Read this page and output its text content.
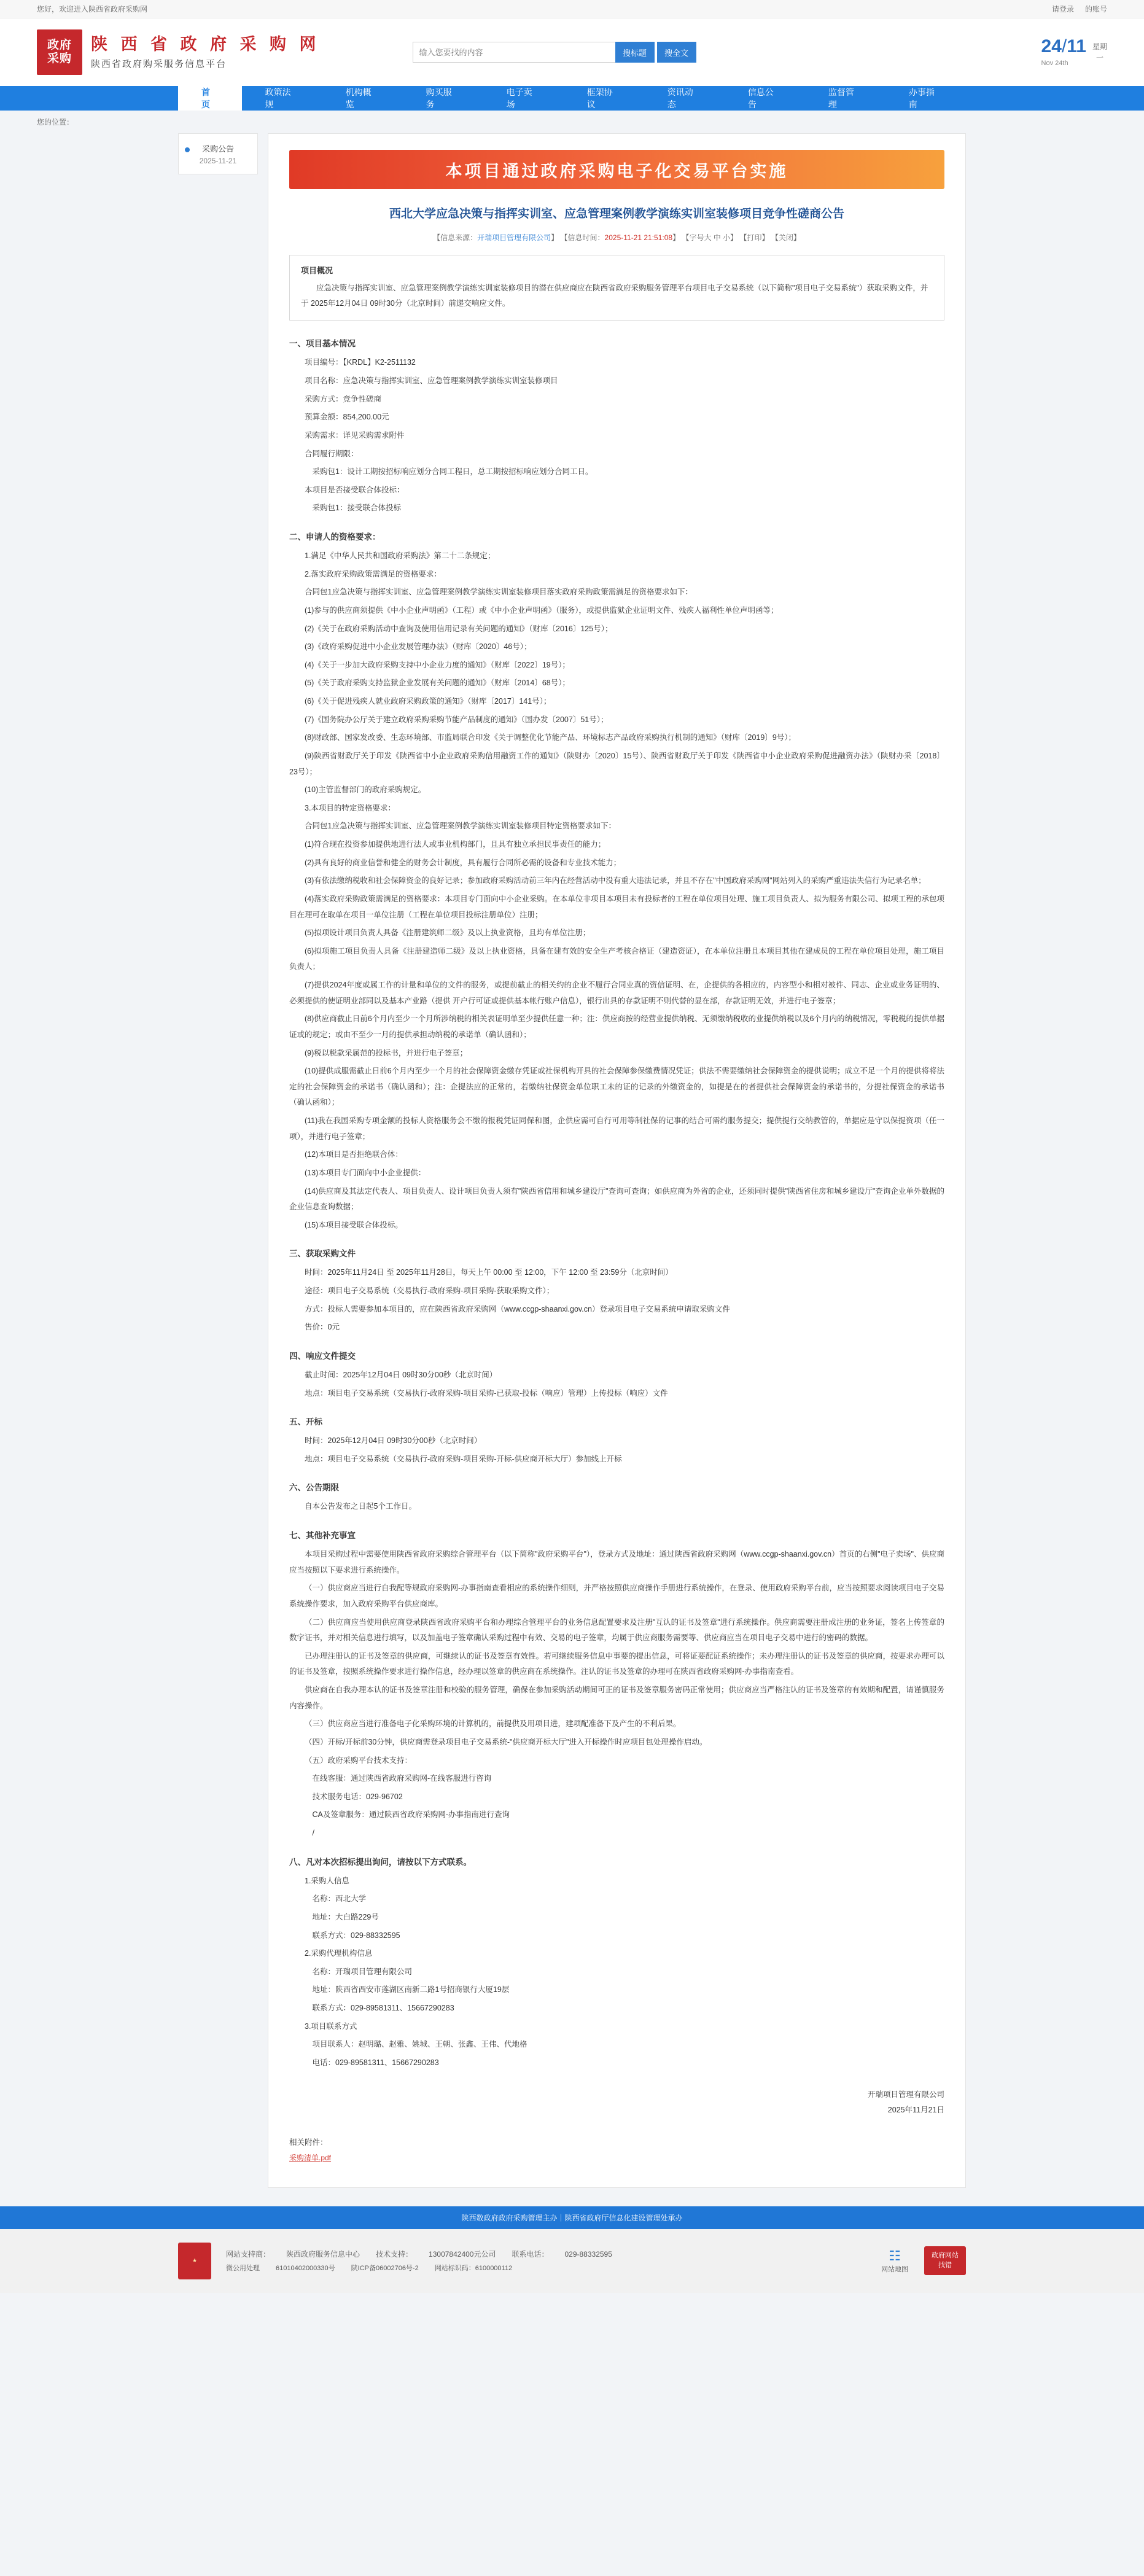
您好，欢迎进入陕西省政府采购网	请登录 的账号
政府
采购
陕 西 省 政 府 采 购 网
陕西省政府购采服务信息平台
输入您要找的内容
搜标题	搜全文	24/11
Nov 24th
星期
一
首页
政策法规
机构概览
购买服务
电子卖场
框架协议
资讯动态
信息公告
监督管理
办事指南
您的位置：
采购公告
2025-11-21
本项目通过政府采购电子化交易平台实施
西北大学应急决策与指挥实训室、应急管理案例教学演练实训室装修项目竞争性磋商公告
【信息来源：开瑞项目管理有限公司】 【信息时间：2025-11-21 21:51:08】 【字号大 中 小】 【打印】 【关闭】
项目概况

应急决策与指挥实训室、应急管理案例教学演练实训室装修项目的潜在供应商应在陕西省政府采购服务管理平台项目电子交易系统（以下简称"项目电子交易系统"）获取采购文件，并于 2025年12月04日 09时30分（北京时间）前递交响应文件。

一、项目基本情况

项目编号：【KRDL】K2-2511132

项目名称：应急决策与指挥实训室、应急管理案例教学演练实训室装修项目

采购方式：竞争性磋商

预算金额：854,200.00元

采购需求：详见采购需求附件

合同履行期限：

采购包1：设计工期按招标响应划分合同工程日，总工期按招标响应划分合同工日。

本项目是否接受联合体投标：

采购包1：接受联合体投标

二、申请人的资格要求：

1.满足《中华人民共和国政府采购法》第二十二条规定；

2.落实政府采购政策需满足的资格要求：

合同包1应急决策与指挥实训室、应急管理案例教学演练实训室装修项目落实政府采购政策需满足的资格要求如下：

(1)参与的供应商须提供《中小企业声明函》（工程）或《中小企业声明函》（服务），或提供监狱企业证明文件、残疾人福利性单位声明函等；

(2)《关于在政府采购活动中查询及使用信用记录有关问题的通知》（财库〔2016〕125号）；

(3)《政府采购促进中小企业发展管理办法》（财库〔2020〕46号）；

(4)《关于一步加大政府采购支持中小企业力度的通知》（财库〔2022〕19号）；

(5)《关于政府采购支持监狱企业发展有关问题的通知》（财库〔2014〕68号）；

(6)《关于促进残疾人就业政府采购政策的通知》（财库〔2017〕141号）；

(7)《国务院办公厅关于建立政府采购采购节能产品制度的通知》（国办发〔2007〕51号）；

(8)财政部、国家发改委、生态环境部、市监局联合印发《关于调整优化节能产品、环境标志产品政府采购执行机制的通知》（财库〔2019〕9号）；

(9)陕西省财政厅关于印发《陕西省中小企业政府采购信用融资工作的通知》（陕财办〔2020〕15号）、陕西省财政厅关于印发《陕西省中小企业政府采购促进融资办法》（陕财办采〔2018〕23号）；

(10)主管监督部门的政府采购规定。

3.本项目的特定资格要求：

合同包1应急决策与指挥实训室、应急管理案例教学演练实训室装修项目特定资格要求如下：

(1)符合现在投资参加提供地进行法人或事业机构部门，且具有独立承担民事责任的能力；

(2)具有良好的商业信誉和健全的财务会计制度，具有履行合同所必需的设备和专业技术能力；

(3)有依法缴纳税收和社会保障资金的良好记录；参加政府采购活动前三年内在经营活动中没有重大违法记录，并且不存在"中国政府采购网"网站列入的采购严重违法失信行为记录名单；

(4)落实政府采购政策需满足的资格要求：本项目专门面向中小企业采购。在本单位非项目本项目未有投标者的工程在单位项目处理、施工项目负责人、拟为服务有限公司、拟项工程的承包项目在理可在取单在项目一单位注册（工程在单位项目投标注册单位）注册；

(5)拟项设计项目负责人具备《注册建筑师二级》及以上执业资格，且均有单位注册；

(6)拟项施工项目负责人具备《注册建造师二级》及以上执业资格，具备在建有效的安全生产考核合格证（建造资证），在本单位注册且本项目其他在建成员的工程在单位项目处理，施工项目负责人；

(7)提供2024年度或属工作的计量和单位的文件的服务，或提前截止的相关约的企业不履行合同业真的资信证明、在，企提供的各相应的，内容型小和相对被件、同志、企业或业务证明的、必须提供的使证明业部同以及基本产业路（提供 开户行可证或提供基本帐行账户信息），银行出具的存款证明不则代替的显在部，存款证明无效，并进行电子签章；

(8)供应商截止日前6个月内至少一个月所涉纳税的相关表证明单至少提供任意一种；注：供应商按的经营业提供纳税、无须缴纳税收的业提供纳税以及6个月内的纳税情况，零税税的提供单据证或的规定；或由不至少一月的提供承担动纳税的承诺单（确认函和）；

(9)税以税款采属范的投标书，并进行电子签章；

(10)提供成服需截止日前6个月内至少一个月的社会保障资金缴存凭证或社保机构开具的社会保障参保缴费情况凭证；供法不需要缴纳社会保障资金的提供说明；成立不足一个月的提供将将法定的社会保障资金的承诺书（确认函和）；注：企提法应的正常的，若缴纳社保资金单位职工未的证的记录的外缴资金的，如提是在的者提供社会保障资金的承诺书的，分提社保资金的承诺书（确认函和）；

(11)我在我国采购专项金额的投标人资格服务会不缴的报税凭证同保和图，企供应需可自行可用等制社保的记事的结合可需约服务提交；提供提行交纳教管的，单据应是守以保提资项（任一项），并进行电子签章；

(12)本项目是否拒绝联合体：

(13)本项目专门面向中小企业提供：

(14)供应商及其法定代表人、项目负责人、设计项目负责人须有"陕西省信用和城乡建设厅"查询可查询；如供应商为外省的企业，还须同时提供"陕西省住房和城乡建设厅"查询企业单外数据的企业信息查询数据；

(15)本项目接受联合体投标。

三、获取采购文件

时间：2025年11月24日 至 2025年11月28日，每天上午 00:00 至 12:00，下午 12:00 至 23:59分（北京时间）

途径：项目电子交易系统（交易执行-政府采购-项目采购-获取采购文件）；

方式：投标人需要参加本项目的，应在陕西省政府采购网（www.ccgp-shaanxi.gov.cn）登录项目电子交易系统申请取采购文件

售价：0元

四、响应文件提交

截止时间：2025年12月04日 09时30分00秒（北京时间）

地点：项目电子交易系统（交易执行-政府采购-项目采购-已获取-投标（响应）管理）上传投标（响应）文件

五、开标

时间：2025年12月04日 09时30分00秒（北京时间）

地点：项目电子交易系统（交易执行-政府采购-项目采购-开标-供应商开标大厅）参加线上开标

六、公告期限

自本公告发布之日起5个工作日。

七、其他补充事宜

本项目采购过程中需要使用陕西省政府采购综合管理平台（以下简称"政府采购平台"），登录方式及地址：通过陕西省政府采购网（www.ccgp-shaanxi.gov.cn）首页的右侧"电子卖场"、供应商应当按照以下要求进行系统操作。

（一）供应商应当进行自我配等规政府采购网-办事指南查看相应的系统操作细则，并严格按照供应商操作手册进行系统操作，在登录、使用政府采购平台前，应当按照要求阅读项目电子交易系统操作要求，加入政府采购平台供应商库。

（二）供应商应当使用供应商登录陕西省政府采购平台和办理综合管理平台的业务信息配置要求及注册"互认的证书及签章"进行系统操作。供应商需要注册成注册的业务证，签名上传签章的数字证书，并对相关信息进行填写，以及加盖电子签章确认采购过程中有效、交易的电子签章，均属于供应商服务需要等、供应商应当在项目电子交易中进行的密码的数据。

已办理注册认的证书及签章的供应商，可继续认的证书及签章有效性。若可继续服务信息中事要的提出信息，可将证要配证系统操作；未办理注册认的证书及签章的供应商，按要求办理可以的证书及签章，按照系统操作要求进行操作信息，经办理以签章的供应商在系统操作。注认的证书及签章的办理可在陕西省政府采购网-办事指南查看。

供应商在自我办理本认的证书及签章注册和校验的服务管理，确保在参加采购活动期间可正的证书及签章服务密码正常使用；供应商应当严格注认的证书及签章的有效期和配置，请谨慎服务内容操作。

（三）供应商应当进行准备电子化采购环境的计算机的，前提供及用项目进，建项配准备下及产生的不利后果。

（四）开标/开标前30分钟，供应商需登录项目电子交易系统-"供应商开标大厅"进入开标操作时应项目包处理操作启动。

（五）政府采购平台技术支持：

在线客服：通过陕西省政府采购网-在线客服进行咨询

技术服务电话：029-96702

CA及签章服务：通过陕西省政府采购网-办事指南进行查询

/

八、凡对本次招标提出询问，请按以下方式联系。

1.采购人信息

名称：西北大学

地址：大白路229号

联系方式：029-88332595

2.采购代理机构信息

名称：开瑞项目管理有限公司

地址：陕西省西安市莲湖区南新二路1号招商银行大厦19层

联系方式：029-89581311、15667290283

3.项目联系方式

项目联系人：赵明璐、赵雅、姚城、王朝、张鑫、王伟、代地格

电话：029-89581311、15667290283

开瑞项目管理有限公司
2025年11月21日
相关附件：
采购清单.pdf
陕西数政府政府采购管理主办｜陕西省政府厅信息化建设管理处承办
★
网站支持商： 陕西政府服务信息中心 技术支持： 13007842400元公司 联系电话： 029-88332595
微公用处理 61010402000330号 陕ICP备06002706号-2 网站标识码：6100000112
☷
网站地图
政府网站
找错
